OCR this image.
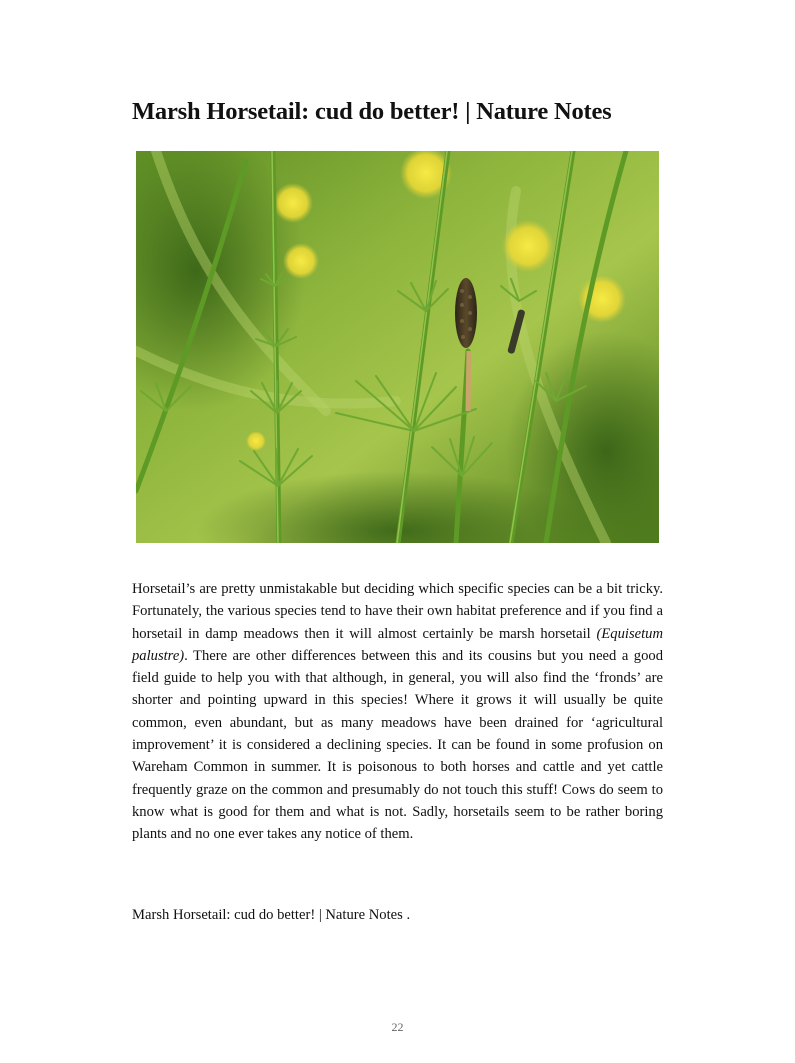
Marsh Horsetail: cud do better! | Nature Notes

Horsetail’s are pretty unmistakable but deciding which specific species can be a bit tricky. Fortunately, the various species tend to have their own habitat preference and if you find a horsetail in damp meadows then it will almost certainly be marsh horsetail (Equisetum palustre). There are other differences between this and its cousins but you need a good field guide to help you with that although, in general, you will also find the ‘fronds’ are shorter and pointing upward in this species! Where it grows it will usually be quite common, even abundant, but as many meadows have been drained for ‘agricultural improvement’ it is considered a declining species. It can be found in some profusion on Wareham Common in summer. It is poisonous to both horses and cattle and yet cattle frequently graze on the common and presumably do not touch this stuff! Cows do seem to know what is good for them and what is not. Sadly, horsetails seem to be rather boring plants and no one ever takes any notice of them.

Marsh Horsetail: cud do better! | Nature Notes .

22
